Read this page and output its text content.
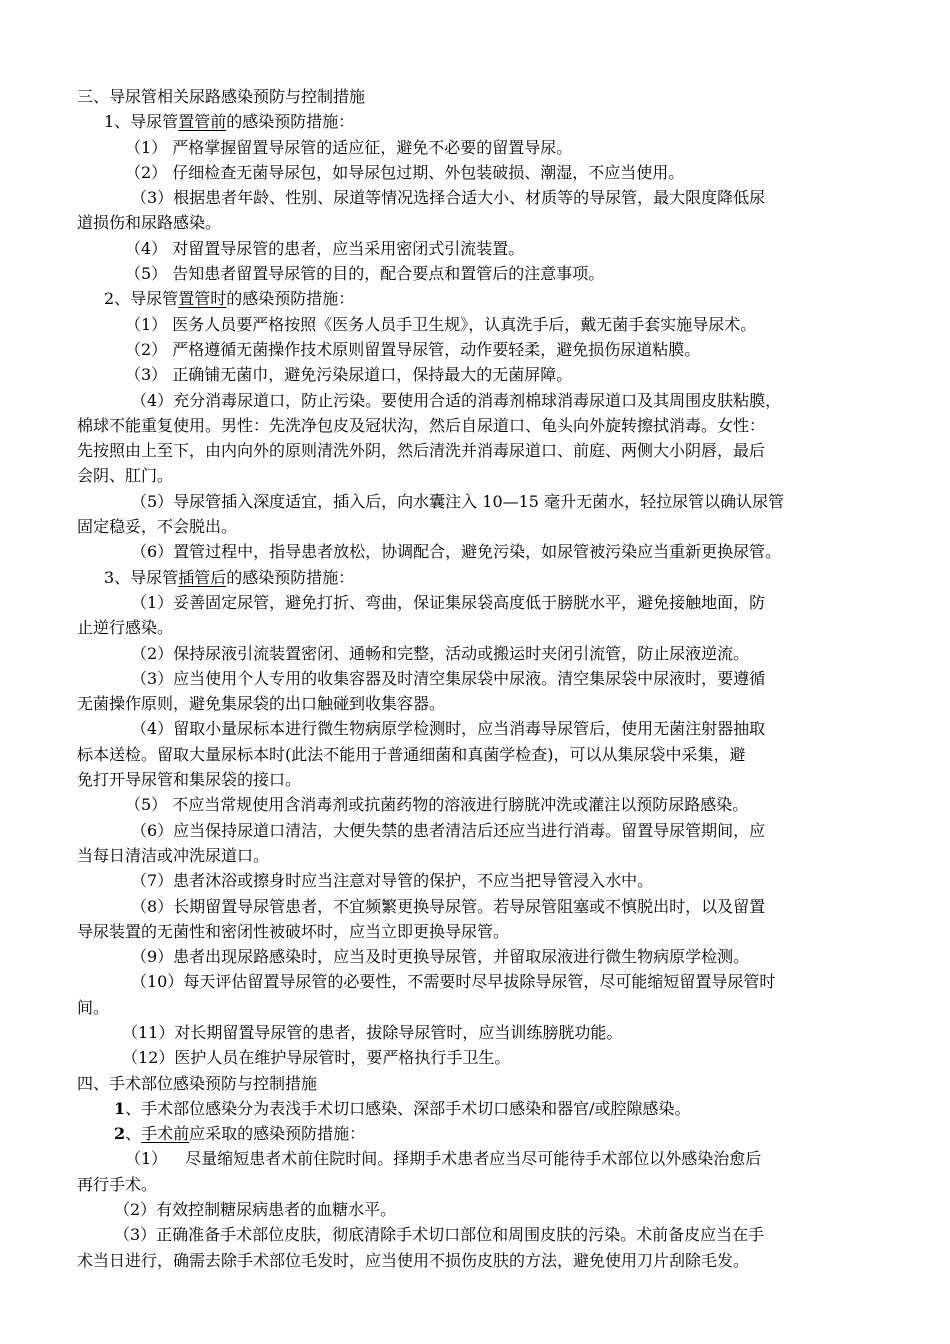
三、导尿管相关尿路感染预防与控制措施
1、导尿管置管前的感染预防措施：
（1） 严格掌握留置导尿管的适应征，避免不必要的留置导尿。
（2） 仔细检查无菌导尿包，如导尿包过期、外包装破损、潮湿，不应当使用。
（3）根据患者年龄、性别、尿道等情况选择合适大小、材质等的导尿管，最大限度降低尿
道损伤和尿路感染。
（4） 对留置导尿管的患者，应当采用密闭式引流装置。
（5） 告知患者留置导尿管的目的，配合要点和置管后的注意事项。
2、导尿管置管时的感染预防措施：
（1） 医务人员要严格按照《医务人员手卫生规》，认真洗手后，戴无菌手套实施导尿术。
（2） 严格遵循无菌操作技术原则留置导尿管，动作要轻柔，避免损伤尿道粘膜。
（3） 正确铺无菌巾，避免污染尿道口，保持最大的无菌屏障。
（4）充分消毒尿道口，防止污染。要使用合适的消毒剂棉球消毒尿道口及其周围皮肤粘膜，
棉球不能重复使用。男性：先洗净包皮及冠状沟，然后自尿道口、龟头向外旋转擦拭消毒。女性：
先按照由上至下，由内向外的原则清洗外阴，然后清洗并消毒尿道口、前庭、两侧大小阴唇，最后
会阴、肛门。
（5）导尿管插入深度适宜，插入后，向水囊注入 10—15 毫升无菌水，轻拉尿管以确认尿管
固定稳妥，不会脱出。
（6）置管过程中，指导患者放松，协调配合，避免污染，如尿管被污染应当重新更换尿管。
3、导尿管插管后的感染预防措施：
（1）妥善固定尿管，避免打折、弯曲，保证集尿袋高度低于膀胱水平，避免接触地面，防
止逆行感染。
（2）保持尿液引流装置密闭、通畅和完整，活动或搬运时夹闭引流管，防止尿液逆流。
（3）应当使用个人专用的收集容器及时清空集尿袋中尿液。清空集尿袋中尿液时，要遵循
无菌操作原则，避免集尿袋的出口触碰到收集容器。
（4）留取小量尿标本进行微生物病原学检测时，应当消毒导尿管后，使用无菌注射器抽取
标本送检。留取大量尿标本时(此法不能用于普通细菌和真菌学检查)，可以从集尿袋中采集，避
免打开导尿管和集尿袋的接口。
（5） 不应当常规使用含消毒剂或抗菌药物的溶液进行膀胱冲洗或灌注以预防尿路感染。
（6）应当保持尿道口清洁，大便失禁的患者清洁后还应当进行消毒。留置导尿管期间，应
当每日清洁或冲洗尿道口。
（7）患者沐浴或擦身时应当注意对导管的保护，不应当把导管浸入水中。
（8）长期留置导尿管患者，不宜频繁更换导尿管。若导尿管阻塞或不慎脱出时，以及留置
导尿装置的无菌性和密闭性被破坏时，应当立即更换导尿管。
（9）患者出现尿路感染时，应当及时更换导尿管，并留取尿液进行微生物病原学检测。
（10）每天评估留置导尿管的必要性，不需要时尽早拔除导尿管，尽可能缩短留置导尿管时
间。
（11）对长期留置导尿管的患者，拔除导尿管时，应当训练膀胱功能。
（12）医护人员在维护导尿管时，要严格执行手卫生。
四、手术部位感染预防与控制措施
1、手术部位感染分为表浅手术切口感染、深部手术切口感染和器官/或腔隙感染。
2、手术前应采取的感染预防措施：
（1） 尽量缩短患者术前住院时间。择期手术患者应当尽可能待手术部位以外感染治愈后
再行手术。
（2）有效控制糖尿病患者的血糖水平。
（3）正确准备手术部位皮肤，彻底清除手术切口部位和周围皮肤的污染。术前备皮应当在手
术当日进行，确需去除手术部位毛发时，应当使用不损伤皮肤的方法，避免使用刀片刮除毛发。
